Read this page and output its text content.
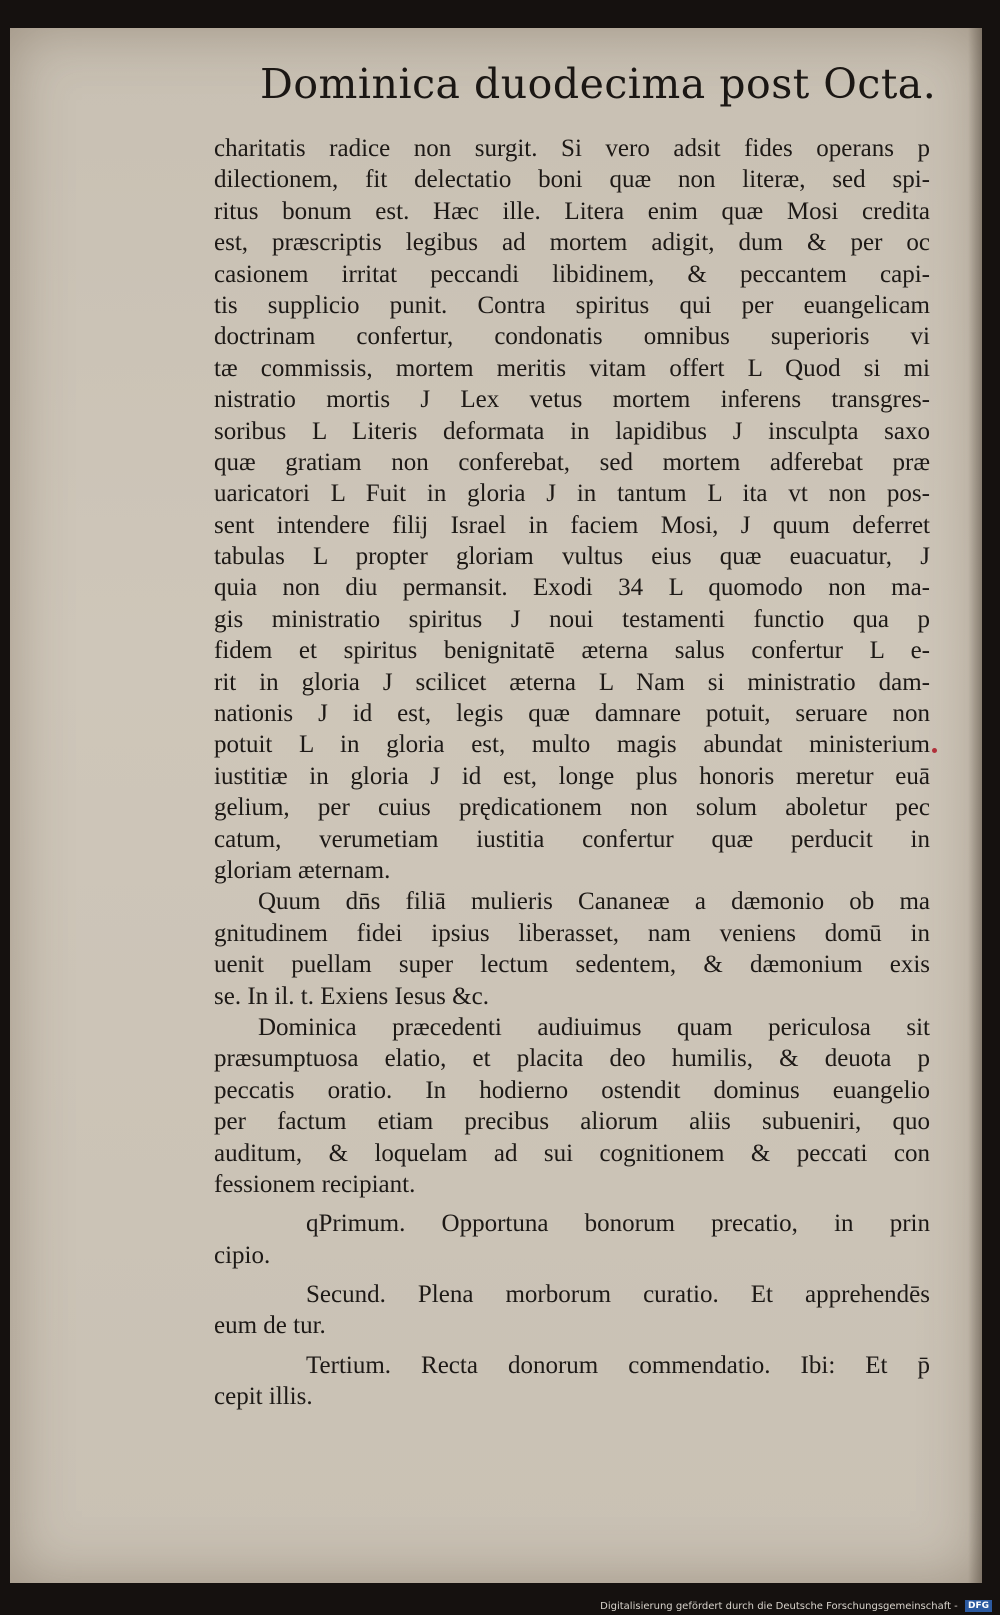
Dominica duodecima post Octa.
charitatis radice non surgit. Si vero adsit fides operans p
dilectionem, fit delectatio boni quæ non literæ, sed spi-
ritus bonum est. Hæc ille. Litera enim quæ Mosi credita
est, præscriptis legibus ad mortem adigit, dum & per oc
casionem irritat peccandi libidinem, & peccantem capi-
tis supplicio punit. Contra spiritus qui per euangelicam
doctrinam confertur, condonatis omnibus superioris vi
tæ commissis, mortem meritis vitam offert L Quod si mi
nistratio mortis J Lex vetus mortem inferens transgres-
soribus L Literis deformata in lapidibus J insculpta saxo
quæ gratiam non conferebat, sed mortem adferebat præ
uaricatori L Fuit in gloria J in tantum L ita vt non pos-
sent intendere filij Israel in faciem Mosi, J quum deferret
tabulas L propter gloriam vultus eius quæ euacuatur, J
quia non diu permansit. Exodi 34 L quomodo non ma-
gis ministratio spiritus J noui testamenti functio qua p
fidem et spiritus benignitatē æterna salus confertur L e-
rit in gloria J scilicet æterna L Nam si ministratio dam-
nationis J id est, legis quæ damnare potuit, seruare non
potuit L in gloria est, multo magis abundat ministerium
iustitiæ in gloria J id est, longe plus honoris meretur euā
gelium, per cuius prędicationem non solum aboletur pec
catum, verumetiam iustitia confertur quæ perducit in
gloriam æternam.
Quum dn̄s filiā mulieris Cananeæ a dæmonio ob ma
gnitudinem fidei ipsius liberasset, nam veniens domū in
uenit puellam super lectum sedentem, & dæmonium exis
se. In il. t. Exiens Iesus &c.
Dominica præcedenti audiuimus quam periculosa sit
præsumptuosa elatio, et placita deo humilis, & deuota p
peccatis oratio. In hodierno ostendit dominus euangelio
per factum etiam precibus aliorum aliis subueniri, quo
auditum, & loquelam ad sui cognitionem & peccati con
fessionem recipiant.
qPrimum. Opportuna bonorum precatio, in prin
cipio.
Secund. Plena morborum curatio. Et apprehendēs
eum de tur.
Tertium. Recta donorum commendatio. Ibi: Et p̄
cepit illis.
Digitalisierung gefördert durch die Deutsche Forschungsgemeinschaft - DFG
